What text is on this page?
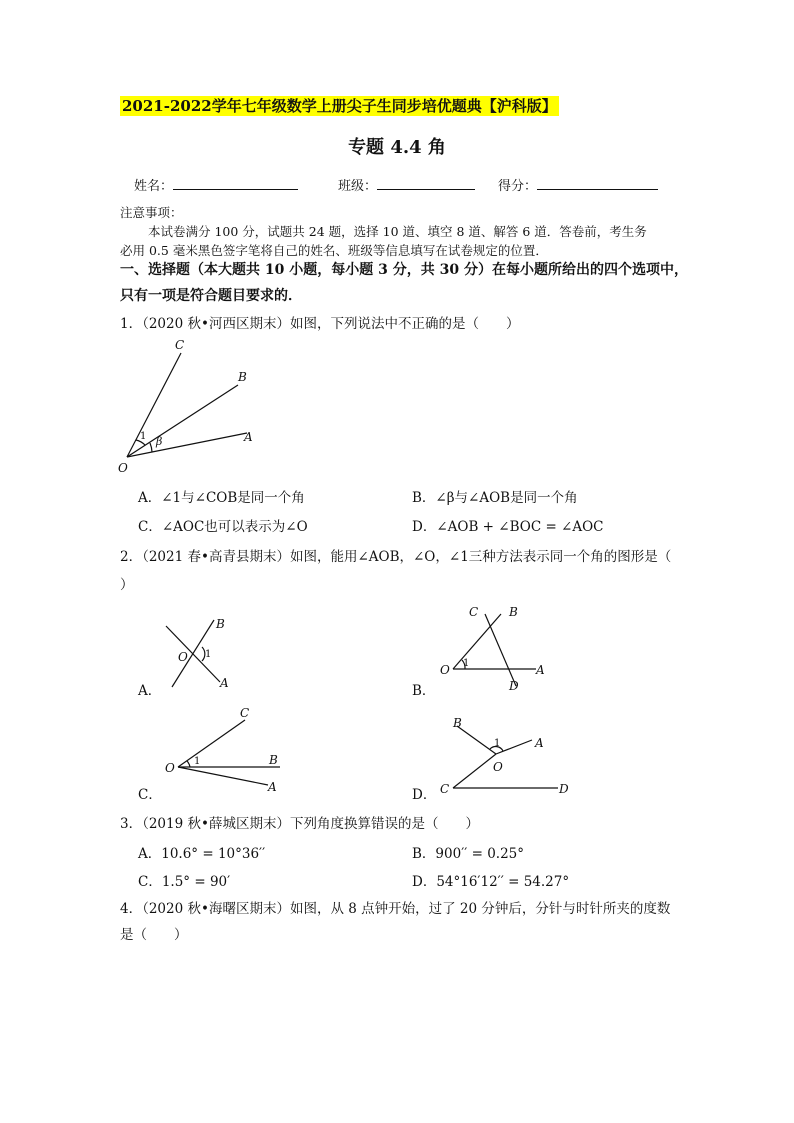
2021-2022学年七年级数学上册尖子生同步培优题典【沪科版】
专题 4.4 角
姓名：	班级：	得分：
注意事项：
本试卷满分 100 分，试题共 24 题，选择 10 道、填空 8 道、解答 6 道．答卷前，考生务
必用 0.5 毫米黑色签字笔将自己的姓名、班级等信息填写在试卷规定的位置．
一、选择题（本大题共 10 小题，每小题 3 分，共 30 分）在每小题所给出的四个选项中，
只有一项是符合题目要求的．
1．（2020 秋•河西区期末）如图，下列说法中不正确的是（　　）
C
B
A
O
1 β
A．∠1与∠COB是同一个角	B．∠β与∠AOB是同一个角
C．∠AOC也可以表示为∠O	D．∠AOB + ∠BOC = ∠AOC
2．（2021 春•高青县期末）如图，能用∠AOB，∠O，∠1三种方法表示同一个角的图形是（
）
A．
B
O
A
1
B．
C	B
O 1	A
D
C．
C
O 1	B
A	D．
B
1	A
O
C	D
3．（2019 秋•薛城区期末）下列角度换算错误的是（　　）
A．10.6° = 10°36′′	B．900′′ = 0.25°
C．1.5° = 90′	D．54°16′12′′ = 54.27°
4．（2020 秋•海曙区期末）如图，从 8 点钟开始，过了 20 分钟后，分针与时针所夹的度数
是（　　）
